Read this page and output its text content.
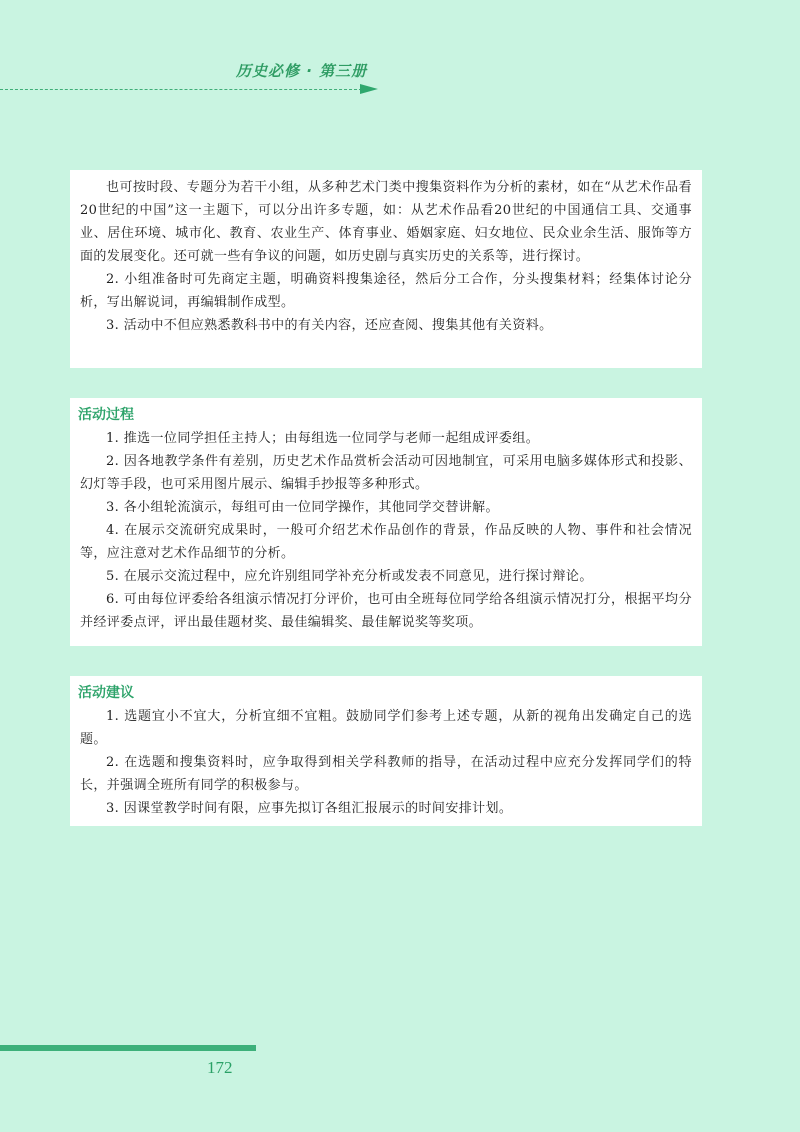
历史必修 · 第三册

也可按时段、专题分为若干小组，从多种艺术门类中搜集资料作为分析的素材，如在“从艺术作品看20世纪的中国”这一主题下，可以分出许多专题，如：从艺术作品看20世纪的中国通信工具、交通事业、居住环境、城市化、教育、农业生产、体育事业、婚姻家庭、妇女地位、民众业余生活、服饰等方面的发展变化。还可就一些有争议的问题，如历史剧与真实历史的关系等，进行探讨。

2. 小组准备时可先商定主题，明确资料搜集途径，然后分工合作，分头搜集材料；经集体讨论分析，写出解说词，再编辑制作成型。

3. 活动中不但应熟悉教科书中的有关内容，还应查阅、搜集其他有关资料。

活动过程

1. 推选一位同学担任主持人；由每组选一位同学与老师一起组成评委组。

2. 因各地教学条件有差别，历史艺术作品赏析会活动可因地制宜，可采用电脑多媒体形式和投影、幻灯等手段，也可采用图片展示、编辑手抄报等多种形式。

3. 各小组轮流演示，每组可由一位同学操作，其他同学交替讲解。

4. 在展示交流研究成果时，一般可介绍艺术作品创作的背景，作品反映的人物、事件和社会情况等，应注意对艺术作品细节的分析。

5. 在展示交流过程中，应允许别组同学补充分析或发表不同意见，进行探讨辩论。

6. 可由每位评委给各组演示情况打分评价，也可由全班每位同学给各组演示情况打分，根据平均分并经评委点评，评出最佳题材奖、最佳编辑奖、最佳解说奖等奖项。

活动建议

1. 选题宜小不宜大，分析宜细不宜粗。鼓励同学们参考上述专题，从新的视角出发确定自己的选题。

2. 在选题和搜集资料时，应争取得到相关学科教师的指导，在活动过程中应充分发挥同学们的特长，并强调全班所有同学的积极参与。

3. 因课堂教学时间有限，应事先拟订各组汇报展示的时间安排计划。

172
